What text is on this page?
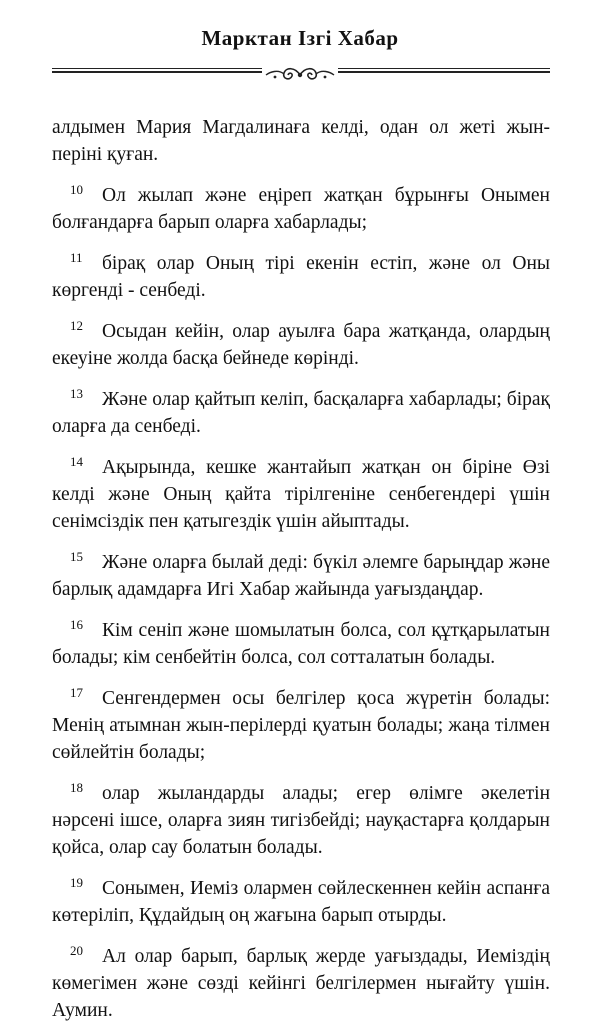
Марктан Ізгі Хабар

алдымен Мария Магдалинаға келді, одан ол жеті жын-періні қуған.

10 Ол жылап және еңіреп жатқан бұрынғы Онымен болғандарға барып оларға хабарлады;

11 бірақ олар Оның тірі екенін естіп, және ол Оны көргенді - сенбеді.

12 Осыдан кейін, олар ауылға бара жатқанда, олардың екеуіне жолда басқа бейнеде көрінді.

13 Және олар қайтып келіп, басқаларға хабарлады; бірақ оларға да сенбеді.

14 Ақырында, кешке жантайып жатқан он біріне Өзі келді және Оның қайта тірілгеніне сенбегендері үшін сенімсіздік пен қатыгездік үшін айыптады.

15 Және оларға былай деді: бүкіл әлемге барыңдар және барлық адамдарға Игі Хабар жайында уағыздаңдар.

16 Кім сеніп және шомылатын болса, сол құтқарылатын болады; кім сенбейтін болса, сол сотталатын болады.

17 Сенгендермен осы белгілер қоса жүретін болады: Менің атымнан жын-перілерді қуатын болады; жаңа тілмен сөйлейтін болады;

18 олар жыландарды алады; егер өлімге әкелетін нәрсені ішсе, оларға зиян тигізбейді; науқастарға қолдарын қойса, олар сау болатын болады.

19 Сонымен, Иеміз олармен сөйлескеннен кейін аспанға көтеріліп, Құдайдың оң жағына барып отырды.

20 Ал олар барып, барлық жерде уағыздады, Иеміздің көмегімен және сөзді кейінгі белгілермен нығайту үшін. Аумин.
